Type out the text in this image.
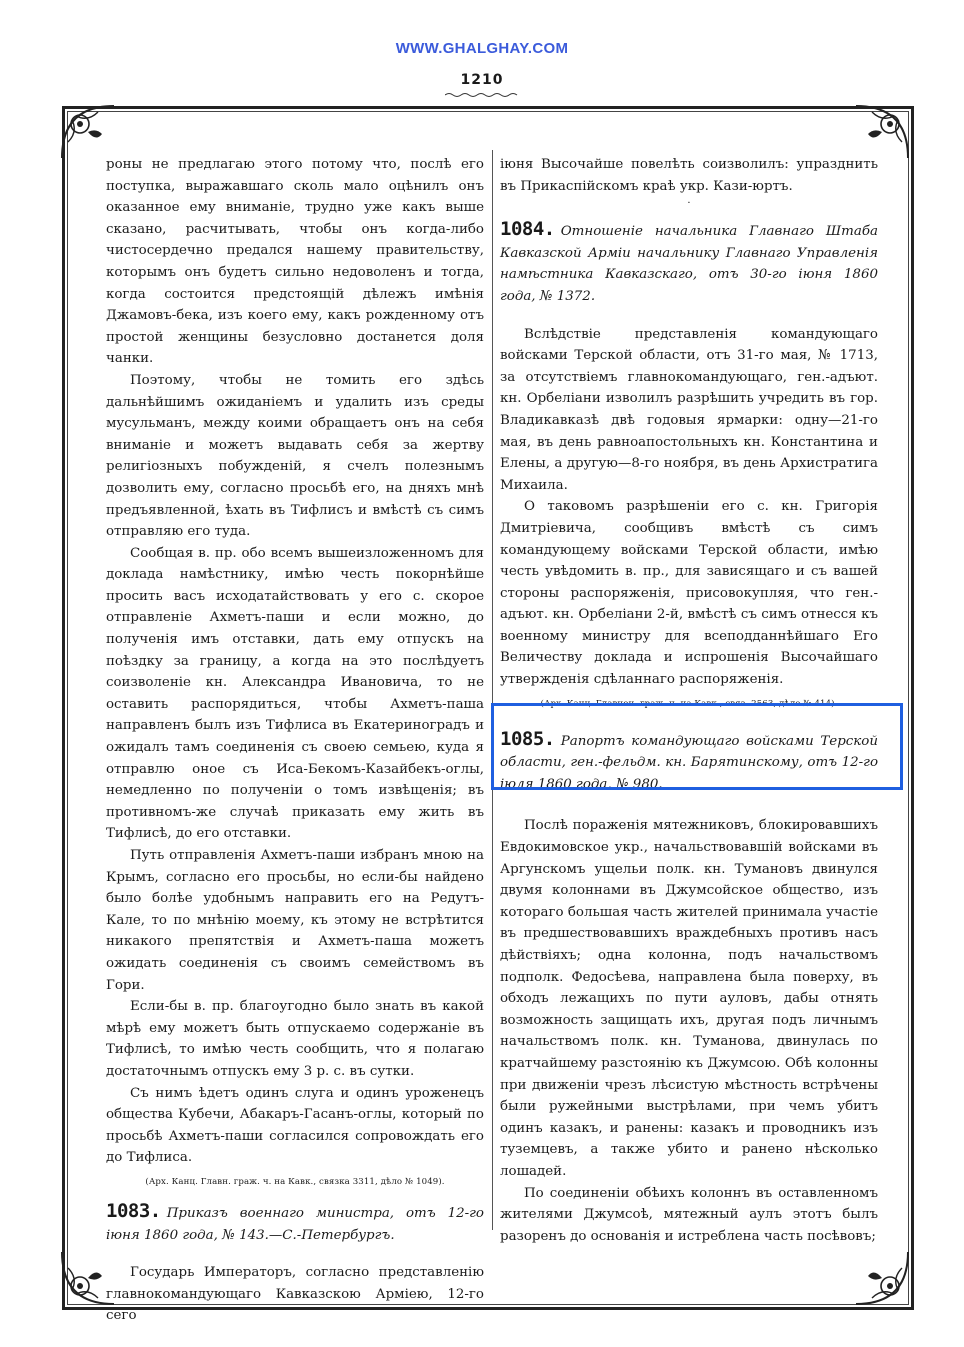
WWW.GHALGHAY.COM
1210

роны не предлагаю этого потому что, послѣ его поступка, выражавшаго сколь мало оцѣнилъ онъ оказанное ему вниманіе, трудно уже какъ выше сказано, расчитывать, чтобы онъ когда-либо чистосердечно предался нашему правительству, которымъ онъ будетъ сильно недоволенъ и тогда, когда состоится предстоящій дѣлежъ имѣнія Джамовъ-бека, изъ коего ему, какъ рожденному отъ простой женщины безусловно достанется доля чанки.

Поэтому, чтобы не томить его здѣсь дальнѣйшимъ ожиданіемъ и удалить изъ среды мусульманъ, между коими обращаетъ онъ на себя вниманіе и можетъ выдавать себя за жертву религіозныхъ побужденій, я счелъ полезнымъ дозволить ему, согласно просьбѣ его, на дняхъ мнѣ предъявленной, ѣхать въ Тифлисъ и вмѣстѣ съ симъ отправляю его туда.

Сообщая в. пр. обо всемъ вышеизложенномъ для доклада намѣстнику, имѣю честь покорнѣйше просить васъ исходатайствовать у его с. скорое отправленіе Ахметъ-паши и если можно, до полученія имъ отставки, дать ему отпускъ на поѣздку за границу, а когда на это послѣдуетъ соизволеніе кн. Александра Ивановича, то не оставить распорядиться, чтобы Ахметъ-паша направленъ былъ изъ Тифлиса въ Екатериноградъ и ожидалъ тамъ соединенія съ своею семьею, куда я отправлю оное съ Иса-Бекомъ-Казайбекъ-оглы, немедленно по полученіи о томъ извѣщенія; въ противномъ-же случаѣ приказать ему жить въ Тифлисѣ, до его отставки.

Путь отправленія Ахметъ-паши избранъ мною на Крымъ, согласно его просьбы, но если-бы найдено было болѣе удобнымъ направить его на Редутъ-Кале, то по мнѣнію моему, къ этому не встрѣтится никакого препятствія и Ахметъ-паша можетъ ожидать соединенія съ своимъ семействомъ въ Гори.

Если-бы в. пр. благоугодно было знать въ какой мѣрѣ ему можетъ быть отпускаемо содержаніе въ Тифлисѣ, то имѣю честь сообщить, что я полагаю достаточнымъ отпускъ ему 3 р. с. въ сутки.

Съ нимъ ѣдетъ одинъ слуга и одинъ уроженецъ общества Кубечи, Абакаръ-Гасанъ-оглы, который по просьбѣ Ахметъ-паши согласился сопровождать его до Тифлиса.

(Арх. Канц. Главн. граж. ч. на Кавк., связка 3311, дѣло № 1049).
1083. Приказъ военнаго министра, отъ 12-го іюня 1860 года, № 143.—С.-Петербургъ.

Государь Императоръ, согласно представленію главнокомандующаго Кавказскою Арміею, 12-го сего

іюня Высочайше повелѣть соизволилъ: упразднить въ Прикаспійскомъ краѣ укр. Кази-юртъ.

·
1084. Отношеніе начальника Главнаго Штаба Кавказской Арміи начальнику Главнаго Управленія намѣстника Кавказскаго, отъ 30-го іюня 1860 года, № 1372.

Вслѣдствіе представленія командующаго войсками Терской области, отъ 31-го мая, № 1713, за отсутствіемъ главнокомандующаго, ген.-адъют. кн. Орбеліани изволилъ разрѣшить учредить въ гор. Владикавказѣ двѣ годовыя ярмарки: одну—21-го мая, въ день равноапостольныхъ кн. Константина и Елены, а другую—8-го ноября, въ день Архистратига Михаила.

О таковомъ разрѣшеніи его с. кн. Григорія Дмитріевича, сообщивъ вмѣстѣ съ симъ командующему войсками Терской области, имѣю честь увѣдомить в. пр., для зависящаго и съ вашей стороны распоряженія, присовокупляя, что ген.-адъют. кн. Орбеліани 2-й, вмѣстѣ съ симъ отнесся къ военному министру для всеподданнѣйшаго Его Величеству доклада и испрошенія Высочайшаго утвержденія сдѣланнаго распоряженія.

(Арх. Канц. Главнон. граж. ч. на Кавк., связ. 2563, дѣло № 414).
1085. Рапортъ командующаго войсками Терской области, ген.-фельдм. кн. Барятинскому, отъ 12-го іюля 1860 года, № 980.

Послѣ пораженія мятежниковъ, блокировавшихъ Евдокимовское укр., начальствовавшій войсками въ Аргунскомъ ущельи полк. кн. Тумановъ двинулся двумя колоннами въ Джумсойское общество, изъ котораго большая часть жителей принимала участіе въ предшествовавшихъ враждебныхъ противъ насъ дѣйствіяхъ; одна колонна, подъ начальствомъ подполк. Федосѣева, направлена была поверху, въ обходъ лежащихъ по пути ауловъ, дабы отнять возможность защищать ихъ, другая подъ личнымъ начальствомъ полк. кн. Туманова, двинулась по кратчайшему разстоянію къ Джумсою. Обѣ колонны при движеніи чрезъ лѣсистую мѣстность встрѣчены были ружейными выстрѣлами, при чемъ убитъ одинъ казакъ, и ранены: казакъ и проводникъ изъ туземцевъ, а также убито и ранено нѣсколько лошадей.

По соединеніи обѣихъ колоннъ въ оставленномъ жителями Джумсоѣ, мятежный аулъ этотъ былъ разоренъ до основанія и истреблена часть посѣвовъ;
